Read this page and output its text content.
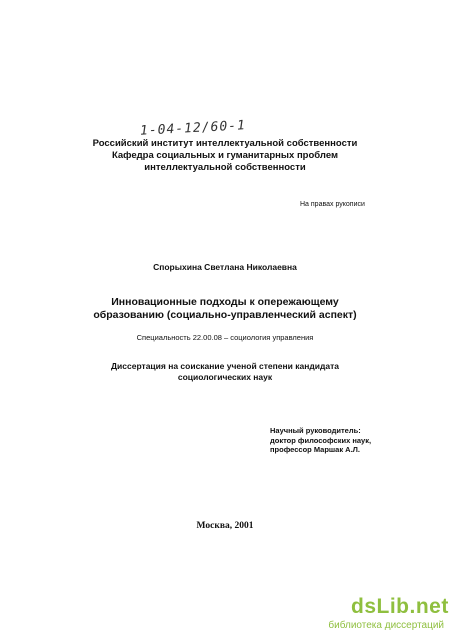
1-04-12/60-1
Российский институт интеллектуальной собственности
Кафедра социальных и гуманитарных проблем
интеллектуальной собственности
На правах рукописи
Спорыхина Светлана Николаевна
Инновационные подходы к опережающему
образованию (социально-управленческий аспект)
Специальность 22.00.08 – социология управления
Диссертация на соискание ученой степени кандидата
социологических наук
Научный руководитель:
доктор философских наук,
профессор Маршак А.Л.
Москва, 2001
dsLib.net
библиотека диссертаций
